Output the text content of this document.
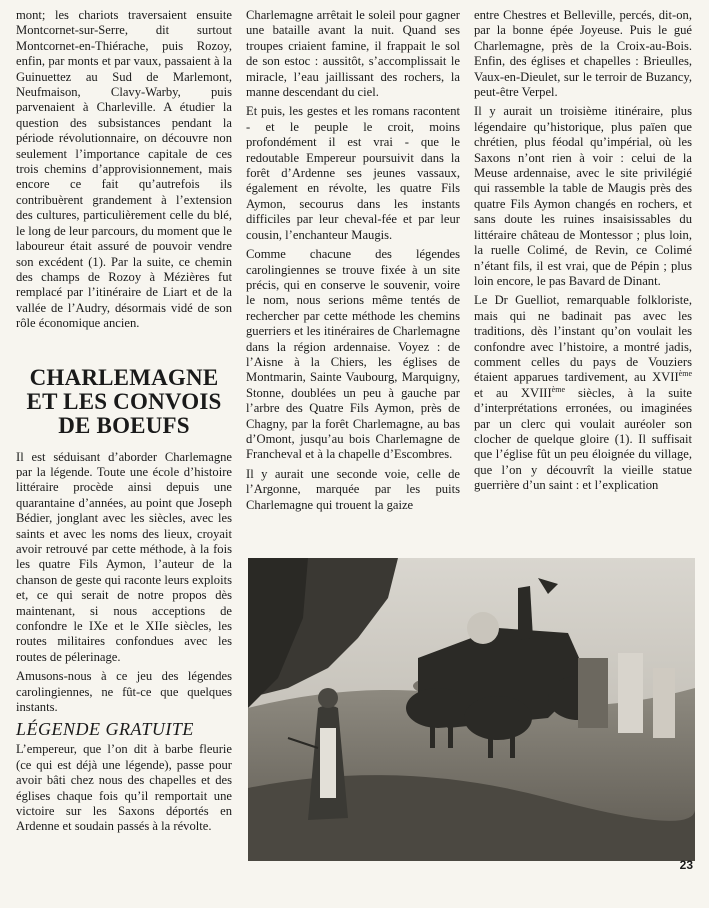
mont; les chariots traversaient ensuite Montcornet-sur-Serre, dit surtout Montcornet-en-Thiérache, puis Rozoy, enfin, par monts et par vaux, passaient à la Guinuettez au Sud de Marlemont, Neufmaison, Clavy-Warby, puis parvenaient à Charleville. A étudier la question des subsistances pendant la période révolutionnaire, on découvre non seulement l’importance capitale de ces trois chemins d’approvisionnement, mais encore ce fait qu’autrefois ils contribuèrent grandement à l’extension des cultures, particulièrement celle du blé, le long de leur parcours, du moment que le laboureur était assuré de pouvoir vendre son excédent (1). Par la suite, ce chemin des champs de Rozoy à Mézières fut remplacé par l’itinéraire de Liart et de la vallée de l’Audry, désormais vidé de son rôle économique ancien.

CHARLEMAGNE ET LES CONVOIS DE BOEUFS

Il est séduisant d’aborder Charlemagne par la légende. Toute une école d’histoire littéraire procède ainsi depuis une quarantaine d’années, au point que Joseph Bédier, jonglant avec les siècles, avec les saints et avec les noms des lieux, croyait avoir retrouvé par cette méthode, à la fois les quatre Fils Aymon, l’auteur de la chanson de geste qui raconte leurs exploits et, ce qui serait de notre propos dès maintenant, si nous acceptions de confondre le IXe et le XIIe siècles, les routes militaires confondues avec les routes de pélerinage.

Amusons-nous à ce jeu des légendes carolingiennes, ne fût-ce que quelques instants.

LÉGENDE GRATUITE

L’empereur, que l’on dit à barbe fleurie (ce qui est déjà une légende), passe pour avoir bâti chez nous des chapelles et des églises chaque fois qu’il remportait une victoire sur les Saxons déportés en Ardenne et soudain passés à la révolte.

Charlemagne arrêtait le soleil pour gagner une bataille avant la nuit. Quand ses troupes criaient famine, il frappait le sol de son estoc : aussitôt, s’accomplissait le miracle, l’eau jaillissant des rochers, la manne descendant du ciel.

Et puis, les gestes et les romans racontent - et le peuple le croit, moins profondément il est vrai - que le redoutable Empereur poursuivit dans la forêt d’Ardenne ses jeunes vassaux, également en révolte, les quatre Fils Aymon, secourus dans les instants difficiles par leur cheval-fée et par leur cousin, l’enchanteur Maugis.

Comme chacune des légendes carolingiennes se trouve fixée à un site précis, qui en conserve le souvenir, voire le nom, nous serions même tentés de rechercher par cette méthode les chemins guerriers et les itinéraires de Charlemagne dans la région ardennaise. Voyez : de l’Aisne à la Chiers, les églises de Montmarin, Sainte Vaubourg, Marquigny, Stonne, doublées un peu à gauche par l’arbre des Quatre Fils Aymon, près de Chagny, par la forêt Charlemagne, au bas d’Omont, jusqu’au bois Charlemagne de Francheval et à la chapelle d’Escombres.

Il y aurait une seconde voie, celle de l’Argonne, marquée par les puits Charlemagne qui trouent la gaize

entre Chestres et Belleville, percés, dit-on, par la bonne épée Joyeuse. Puis le gué Charlemagne, près de la Croix-au-Bois. Enfin, des églises et chapelles : Brieulles, Vaux-en-Dieulet, sur le terroir de Buzancy, peut-être Verpel.

Il y aurait un troisième itinéraire, plus légendaire qu’historique, plus païen que chrétien, plus féodal qu’impérial, où les Saxons n’ont rien à voir : celui de la Meuse ardennaise, avec le site privilégié qui rassemble la table de Maugis près des quatre Fils Aymon changés en rochers, et sans doute les ruines insaisissables du littéraire château de Montessor ; plus loin, la ruelle Colimé, de Revin, ce Colimé n’étant fils, il est vrai, que de Pépin ; plus loin encore, le pas Bavard de Dinant.

Le Dr Guelliot, remarquable folkloriste, mais qui ne badinait pas avec les traditions, dès l’instant qu’on voulait les confondre avec l’histoire, a montré jadis, comment celles du pays de Vouziers étaient apparues tardivement, au XVIIème et au XVIIIème siècles, à la suite d’interprétations erronées, ou imaginées par un clerc qui voulait auréoler son clocher de quelque gloire (1). Il suffisait que l’église fût un peu éloignée du village, que l’on y découvrît la vieille statue guerrière d’un saint : et l’explication

23
